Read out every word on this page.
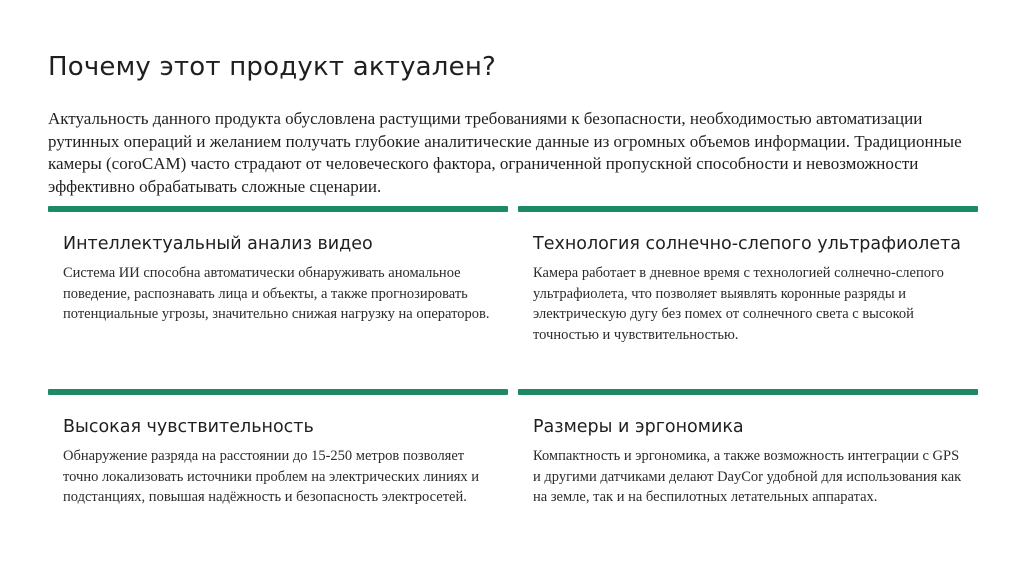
Почему этот продукт актуален?
Актуальность данного продукта обусловлена растущими требованиями к безопасности, необходимостью автоматизации рутинных операций и желанием получать глубокие аналитические данные из огромных объемов информации. Традиционные камеры (coroCAM) часто страдают от человеческого фактора, ограниченной пропускной способности и невозможности эффективно обрабатывать сложные сценарии.
Интеллектуальный анализ видео
Система ИИ способна автоматически обнаруживать аномальное поведение, распознавать лица и объекты, а также прогнозировать потенциальные угрозы, значительно снижая нагрузку на операторов.
Технология солнечно-слепого ультрафиолета
Камера работает в дневное время с технологией солнечно-слепого ультрафиолета, что позволяет выявлять коронные разряды и электрическую дугу без помех от солнечного света с высокой точностью и чувствительностью.
Высокая чувствительность
Обнаружение разряда на расстоянии до 15-250 метров позволяет точно локализовать источники проблем на электрических линиях и подстанциях, повышая надёжность и безопасность электросетей.
Размеры и эргономика
Компактность и эргономика, а также возможность интеграции с GPS и другими датчиками делают DayCor удобной для использования как на земле, так и на беспилотных летательных аппаратах.
